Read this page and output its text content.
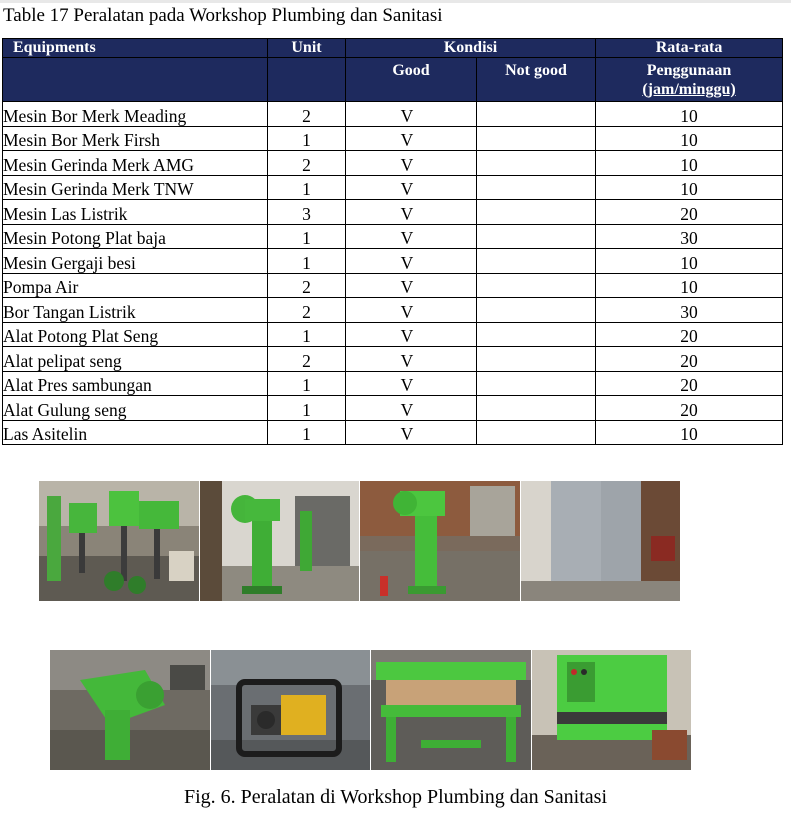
Table 17 Peralatan pada Workshop Plumbing dan Sanitasi
Equipments	Unit	Kondisi		Rata-rata

		Good	Not good	Penggunaan
(jam/minggu)

Mesin Bor Merk Meading	2	V		10
Mesin Bor Merk Firsh	1	V		10
Mesin Gerinda Merk AMG	2	V		10
Mesin Gerinda Merk TNW	1	V		10
Mesin Las Listrik	3	V		20
Mesin Potong Plat baja	1	V		30
Mesin Gergaji besi	1	V		10
Pompa Air	2	V		10
Bor Tangan Listrik	2	V		30
Alat Potong Plat Seng	1	V		20
Alat pelipat seng	2	V		20
Alat Pres sambungan	1	V		20
Alat Gulung seng	1	V		20
Las Asitelin	1	V		10
Fig. 6. Peralatan di Workshop Plumbing dan Sanitasi
